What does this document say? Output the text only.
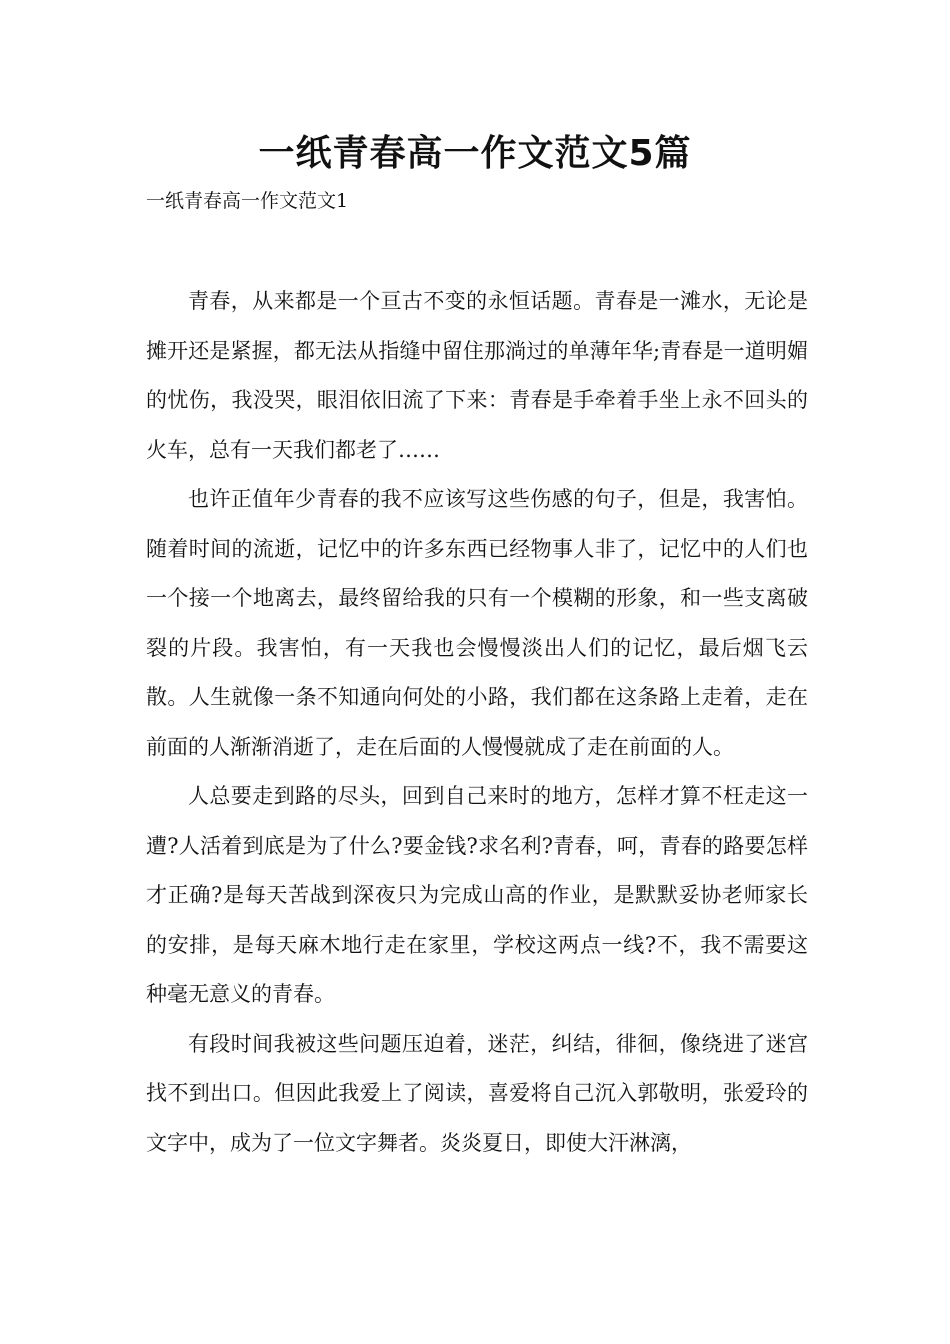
一纸青春高一作文范文5篇

一纸青春高一作文范文1

青春，从来都是一个亘古不变的永恒话题。青春是一滩水，无论是摊开还是紧握，都无法从指缝中留住那淌过的单薄年华;青春是一道明媚的忧伤，我没哭，眼泪依旧流了下来：青春是手牵着手坐上永不回头的火车，总有一天我们都老了……

也许正值年少青春的我不应该写这些伤感的句子，但是，我害怕。随着时间的流逝，记忆中的许多东西已经物事人非了，记忆中的人们也一个接一个地离去，最终留给我的只有一个模糊的形象，和一些支离破裂的片段。我害怕，有一天我也会慢慢淡出人们的记忆，最后烟飞云散。人生就像一条不知通向何处的小路，我们都在这条路上走着，走在前面的人渐渐消逝了，走在后面的人慢慢就成了走在前面的人。

人总要走到路的尽头，回到自己来时的地方，怎样才算不枉走这一遭?人活着到底是为了什么?要金钱?求名利?青春，呵，青春的路要怎样才正确?是每天苦战到深夜只为完成山高的作业，是默默妥协老师家长的安排，是每天麻木地行走在家里，学校这两点一线?不，我不需要这种毫无意义的青春。

有段时间我被这些问题压迫着，迷茫，纠结，徘徊，像绕进了迷宫找不到出口。但因此我爱上了阅读，喜爱将自己沉入郭敬明，张爱玲的文字中，成为了一位文字舞者。炎炎夏日，即使大汗淋漓，
